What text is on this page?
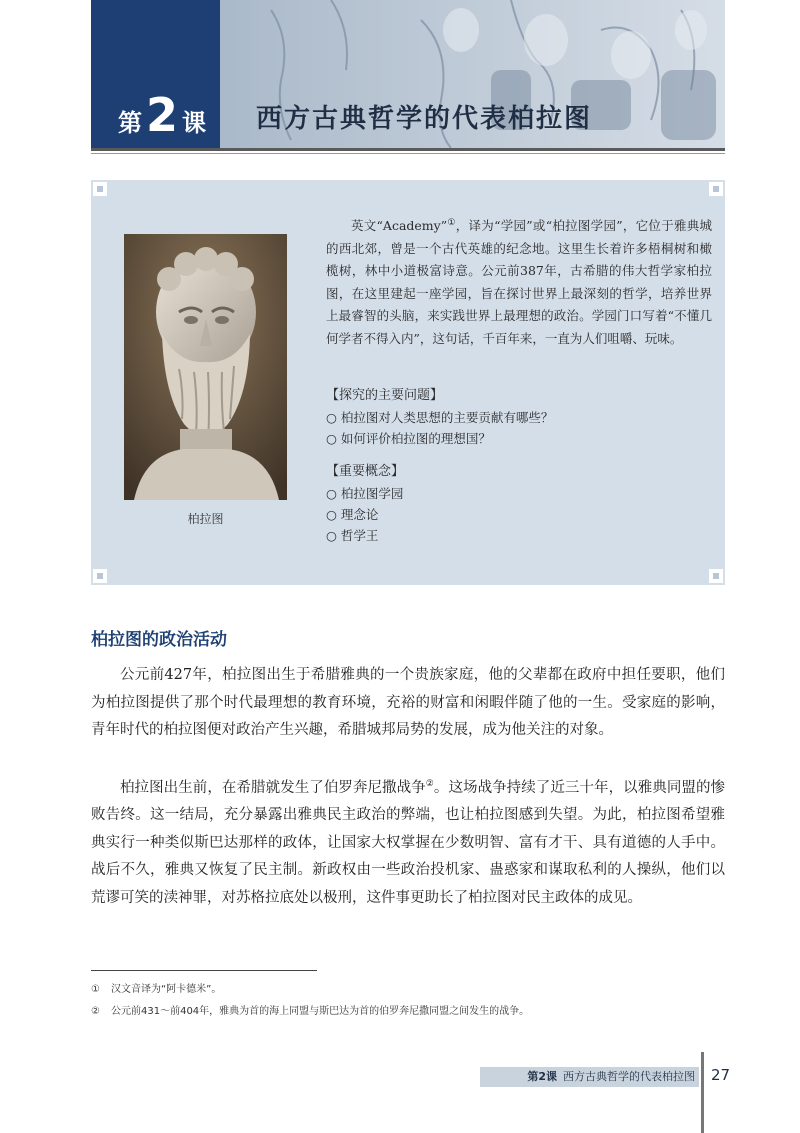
第 2 课 西方古典哲学的代表柏拉图
柏拉图

英文“Academy”①，译为“学园”或“柏拉图学园”，它位于雅典城的西北郊，曾是一个古代英雄的纪念地。这里生长着许多梧桐树和橄榄树，林中小道极富诗意。公元前387年，古希腊的伟大哲学家柏拉图，在这里建起一座学园，旨在探讨世界上最深刻的哲学，培养世界上最睿智的头脑，来实践世界上最理想的政治。学园门口写着“不懂几何学者不得入内”，这句话，千百年来，一直为人们咀嚼、玩味。

【探究的主要问题】
○ 柏拉图对人类思想的主要贡献有哪些？
○ 如何评价柏拉图的理想国？
【重要概念】
○ 柏拉图学园
○ 理念论
○ 哲学王
柏拉图的政治活动

公元前427年，柏拉图出生于希腊雅典的一个贵族家庭，他的父辈都在政府中担任要职，他们为柏拉图提供了那个时代最理想的教育环境，充裕的财富和闲暇伴随了他的一生。受家庭的影响，青年时代的柏拉图便对政治产生兴趣，希腊城邦局势的发展，成为他关注的对象。

柏拉图出生前，在希腊就发生了伯罗奔尼撒战争②。这场战争持续了近三十年，以雅典同盟的惨败告终。这一结局，充分暴露出雅典民主政治的弊端，也让柏拉图感到失望。为此，柏拉图希望雅典实行一种类似斯巴达那样的政体，让国家大权掌握在少数明智、富有才干、具有道德的人手中。战后不久，雅典又恢复了民主制。新政权由一些政治投机家、蛊惑家和谋取私利的人操纵，他们以荒谬可笑的渎神罪，对苏格拉底处以极刑，这件事更助长了柏拉图对民主政体的成见。

① 汉文音译为“阿卡德米”。
② 公元前431～前404年，雅典为首的海上同盟与斯巴达为首的伯罗奔尼撒同盟之间发生的战争。
第2课 西方古典哲学的代表柏拉图 27
